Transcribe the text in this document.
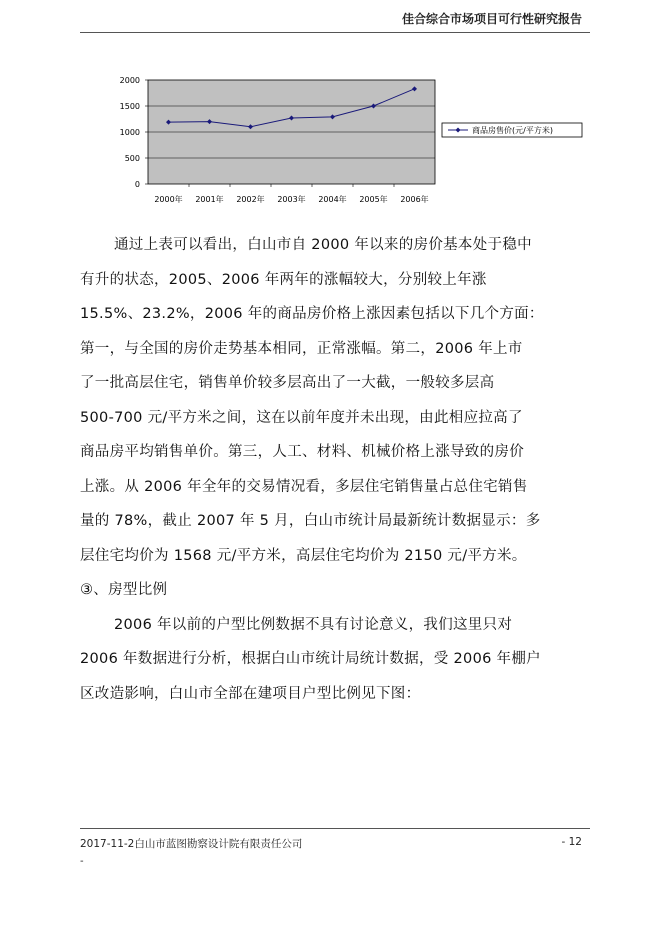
佳合综合市场项目可行性研究报告
0
500
1000
1500
2000
2000年 2001年 2002年 2003年 2004年 2005年 2006年
商品房售价(元/平方米)

通过上表可以看出，白山市自 2000 年以来的房价基本处于稳中

有升的状态，2005、2006 年两年的涨幅较大，分别较上年涨

15.5%、23.2%，2006 年的商品房价格上涨因素包括以下几个方面：

第一，与全国的房价走势基本相同，正常涨幅。第二，2006 年上市

了一批高层住宅，销售单价较多层高出了一大截，一般较多层高

500-700 元/平方米之间，这在以前年度并未出现，由此相应拉高了

商品房平均销售单价。第三，人工、材料、机械价格上涨导致的房价

上涨。从 2006 年全年的交易情况看，多层住宅销售量占总住宅销售

量的 78%，截止 2007 年 5 月，白山市统计局最新统计数据显示：多

层住宅均价为 1568 元/平方米，高层住宅均价为 2150 元/平方米。

③、房型比例

2006 年以前的户型比例数据不具有讨论意义，我们这里只对

2006 年数据进行分析，根据白山市统计局统计数据，受 2006 年棚户

区改造影响，白山市全部在建项目户型比例见下图：

2017-11-2白山市蓝图勘察设计院有限责任公司	- 12
-
